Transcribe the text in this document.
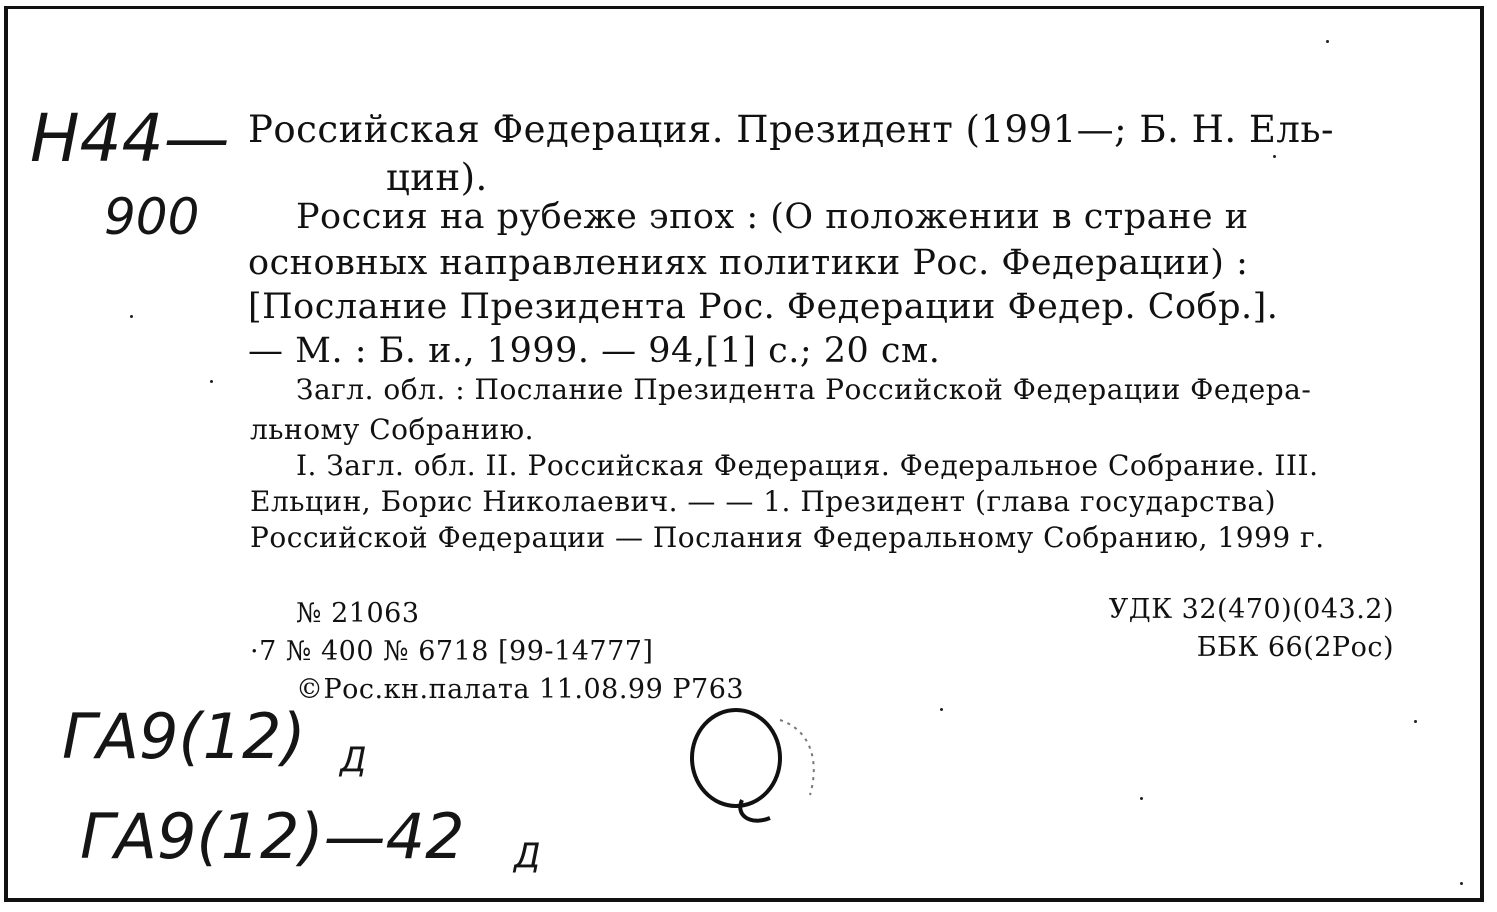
Н44—
900
Российская Федерация. Президент (1991—; Б. Н. Ель-
цин).
Россия на рубеже эпох : (О положении в стране и
основных направлениях политики Рос. Федерации) :
[Послание Президента Рос. Федерации Федер. Собр.].
— М. : Б. и., 1999. — 94,[1] с.; 20 см.
Загл. обл. : Послание Президента Российской Федерации Федера-
льному Собранию.
I. Загл. обл. II. Российская Федерация. Федеральное Собрание. III.
Ельцин, Борис Николаевич. — — 1. Президент (глава государства)
Российской Федерации — Послания Федеральному Собранию, 1999 г.
№ 21063
·7 № 400 № 6718 [99-14777]
©Рос.кн.палата 11.08.99 Р763
УДК 32(470)(043.2)
ББК 66(2Рос)
ГА9(12) Д
ГА9(12)—42 Д
